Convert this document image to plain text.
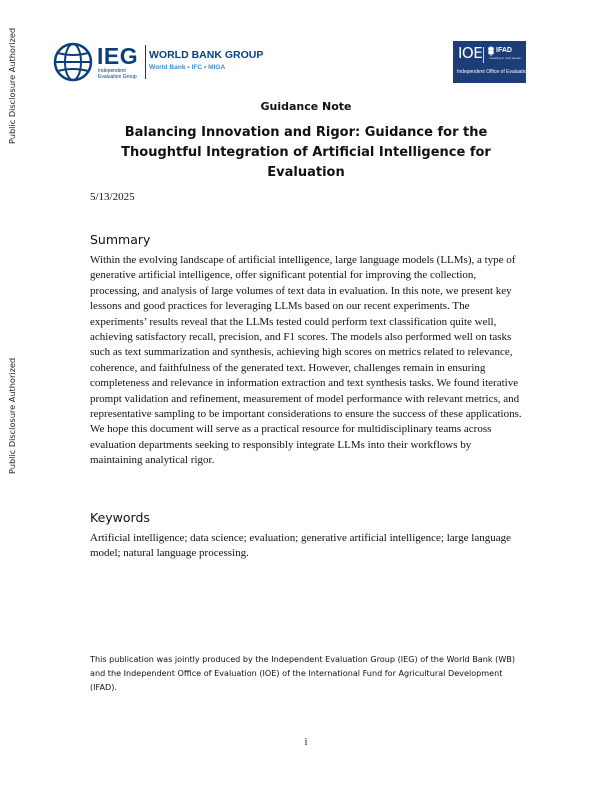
Public Disclosure Authorized
Public Disclosure Authorized
IEG
Independent Evaluation Group
WORLD BANK GROUP
World Bank • IFC • MIGA
IOE IFAD
Investing in rural people
Independent Office of Evaluation
Guidance Note
Balancing Innovation and Rigor: Guidance for the Thoughtful Integration of Artificial Intelligence for Evaluation
5/13/2025
Summary
Within the evolving landscape of artificial intelligence, large language models (LLMs), a type of generative artificial intelligence, offer significant potential for improving the collection, processing, and analysis of large volumes of text data in evaluation. In this note, we present key lessons and good practices for leveraging LLMs based on our recent experiments. The experiments’ results reveal that the LLMs tested could perform text classification quite well, achieving satisfactory recall, precision, and F1 scores. The models also performed well on tasks such as text summarization and synthesis, achieving high scores on metrics related to relevance, coherence, and faithfulness of the generated text. However, challenges remain in ensuring completeness and relevance in information extraction and text synthesis tasks. We found iterative prompt validation and refinement, measurement of model performance with relevant metrics, and representative sampling to be important considerations to ensure the success of these applications. We hope this document will serve as a practical resource for multidisciplinary teams across evaluation departments seeking to responsibly integrate LLMs into their workflows by maintaining analytical rigor.
Keywords
Artificial intelligence; data science; evaluation; generative artificial intelligence; large language model; natural language processing.
This publication was jointly produced by the Independent Evaluation Group (IEG) of the World Bank (WB) and the Independent Office of Evaluation (IOE) of the International Fund for Agricultural Development (IFAD).
i
